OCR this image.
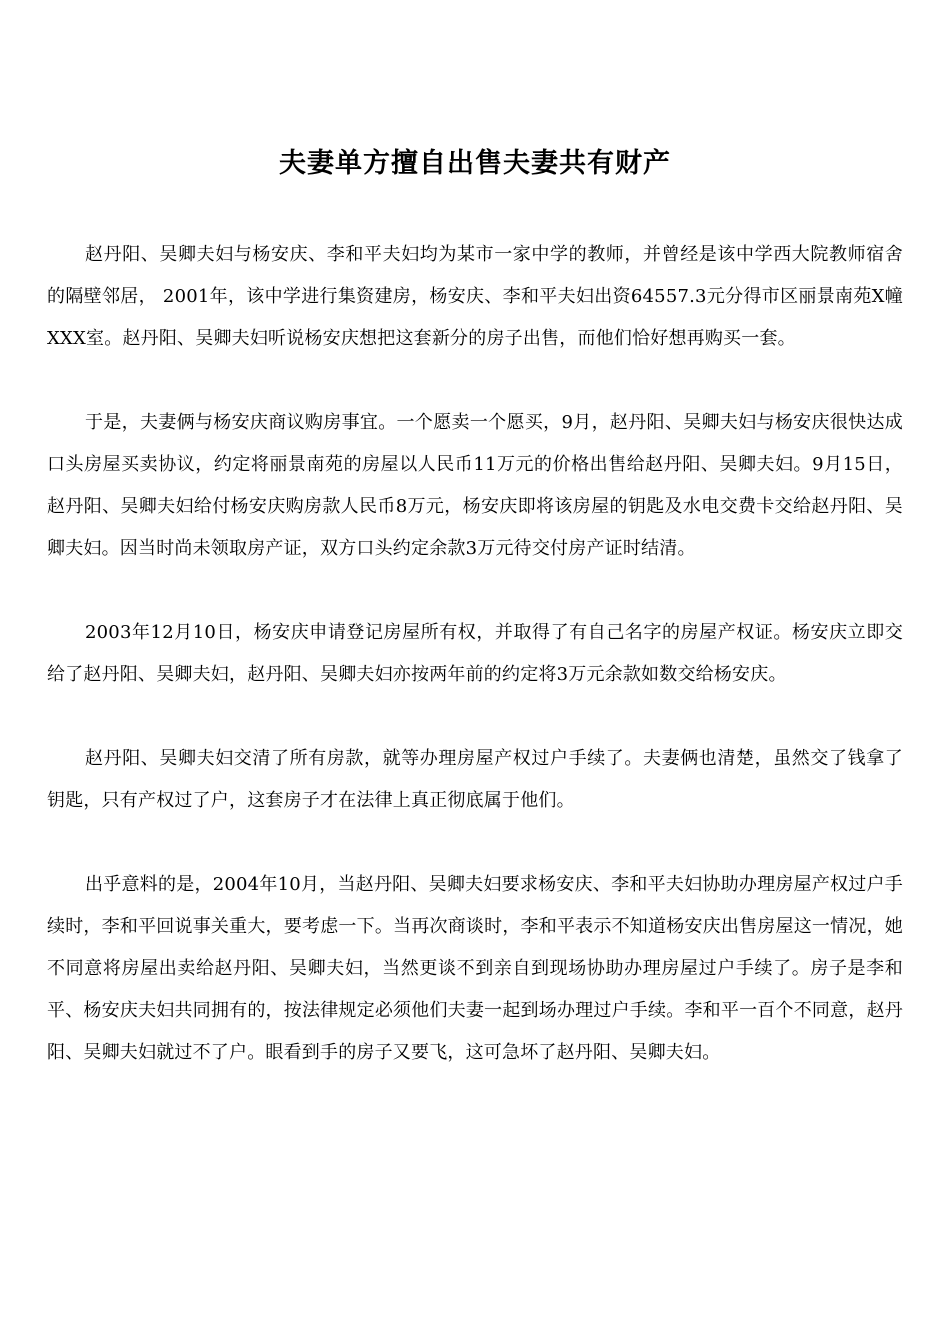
夫妻单方擅自出售夫妻共有财产

赵丹阳、吴卿夫妇与杨安庆、李和平夫妇均为某市一家中学的教师，并曾经是该中学西大院教师宿舍的隔壁邻居， 2001年，该中学进行集资建房，杨安庆、李和平夫妇出资64557.3元分得市区丽景南苑X幢XXX室。赵丹阳、吴卿夫妇听说杨安庆想把这套新分的房子出售，而他们恰好想再购买一套。

于是，夫妻俩与杨安庆商议购房事宜。一个愿卖一个愿买，9月，赵丹阳、吴卿夫妇与杨安庆很快达成口头房屋买卖协议，约定将丽景南苑的房屋以人民币11万元的价格出售给赵丹阳、吴卿夫妇。9月15日，赵丹阳、吴卿夫妇给付杨安庆购房款人民币8万元，杨安庆即将该房屋的钥匙及水电交费卡交给赵丹阳、吴卿夫妇。因当时尚未领取房产证，双方口头约定余款3万元待交付房产证时结清。

2003年12月10日，杨安庆申请登记房屋所有权，并取得了有自己名字的房屋产权证。杨安庆立即交给了赵丹阳、吴卿夫妇，赵丹阳、吴卿夫妇亦按两年前的约定将3万元余款如数交给杨安庆。

赵丹阳、吴卿夫妇交清了所有房款，就等办理房屋产权过户手续了。夫妻俩也清楚，虽然交了钱拿了钥匙，只有产权过了户，这套房子才在法律上真正彻底属于他们。

出乎意料的是，2004年10月，当赵丹阳、吴卿夫妇要求杨安庆、李和平夫妇协助办理房屋产权过户手续时，李和平回说事关重大，要考虑一下。当再次商谈时，李和平表示不知道杨安庆出售房屋这一情况，她不同意将房屋出卖给赵丹阳、吴卿夫妇，当然更谈不到亲自到现场协助办理房屋过户手续了。房子是李和平、杨安庆夫妇共同拥有的，按法律规定必须他们夫妻一起到场办理过户手续。李和平一百个不同意，赵丹阳、吴卿夫妇就过不了户。眼看到手的房子又要飞，这可急坏了赵丹阳、吴卿夫妇。
